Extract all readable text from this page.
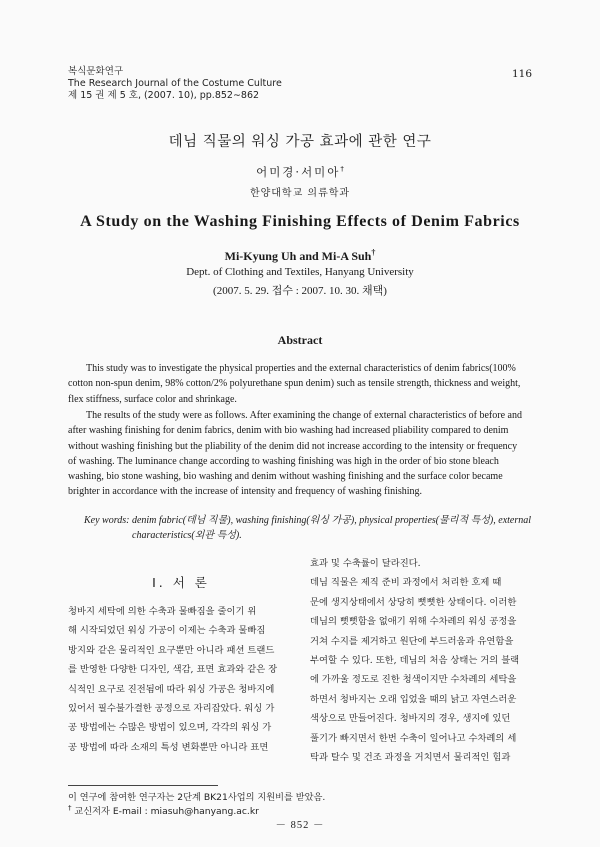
복식문화연구
The Research Journal of the Costume Culture
제 15 권 제 5 호, (2007. 10), pp.852∼862
116
데님 직물의 워싱 가공 효과에 관한 연구
어미경·서미아†
한양대학교 의류학과
A Study on the Washing Finishing Effects of Denim Fabrics
Mi-Kyung Uh and Mi-A Suh†
Dept. of Clothing and Textiles, Hanyang University
(2007. 5. 29. 접수 : 2007. 10. 30. 채택)
Abstract
This study was to investigate the physical properties and the external characteristics of denim fabrics(100%
cotton non-spun denim, 98% cotton/2% polyurethane spun denim) such as tensile strength, thickness and weight,
flex stiffness, surface color and shrinkage.
The results of the study were as follows. After examining the change of external characteristics of before and
after washing finishing for denim fabrics, denim with bio washing had increased pliability compared to denim
without washing finishing but the pliability of the denim did not increase according to the intensity or frequency
of washing. The luminance change according to washing finishing was high in the order of bio stone bleach
washing, bio stone washing, bio washing and denim without washing finishing and the surface color became
brighter in accordance with the increase of intensity and frequency of washing finishing.
Key words: denim fabric(데님 직물), washing finishing(워싱 가공), physical properties(물리적 특성), external
characteristics(외관 특성).
Ⅰ. 서 론
청바지 세탁에 의한 수축과 물빠짐을 줄이기 위
해 시작되었던 워싱 가공이 이제는 수축과 물빠짐
방지와 같은 물리적인 요구뿐만 아니라 패션 트랜드
를 반영한 다양한 디자인, 색감, 표면 효과와 같은 장
식적인 요구로 진전됨에 따라 워싱 가공은 청바지에
있어서 필수불가결한 공정으로 자리잡았다. 워싱 가
공 방법에는 수많은 방법이 있으며, 각각의 워싱 가
공 방법에 따라 소재의 특성 변화뿐만 아니라 표면
효과 및 수축률이 달라진다.
데님 직물은 제직 준비 과정에서 처리한 호제 때
문에 생지상태에서 상당히 뻣뻣한 상태이다. 이러한
데님의 뻣뻣함을 없애기 위해 수차례의 워싱 공정을
거쳐 수지를 제거하고 원단에 부드러움과 유연함을
부여할 수 있다. 또한, 데님의 처음 상태는 거의 블랙
에 가까울 정도로 진한 청색이지만 수차례의 세탁을
하면서 청바지는 오래 입었을 때의 낡고 자연스러운
색상으로 만들어진다. 청바지의 경우, 생지에 있던
풀기가 빠지면서 한번 수축이 일어나고 수차례의 세
탁과 탈수 및 건조 과정을 거치면서 물리적인 힘과
이 연구에 참여한 연구자는 2단계 BK21사업의 지원비를 받았음.
† 교신저자 E-mail : miasuh@hanyang.ac.kr
－ 852 －
